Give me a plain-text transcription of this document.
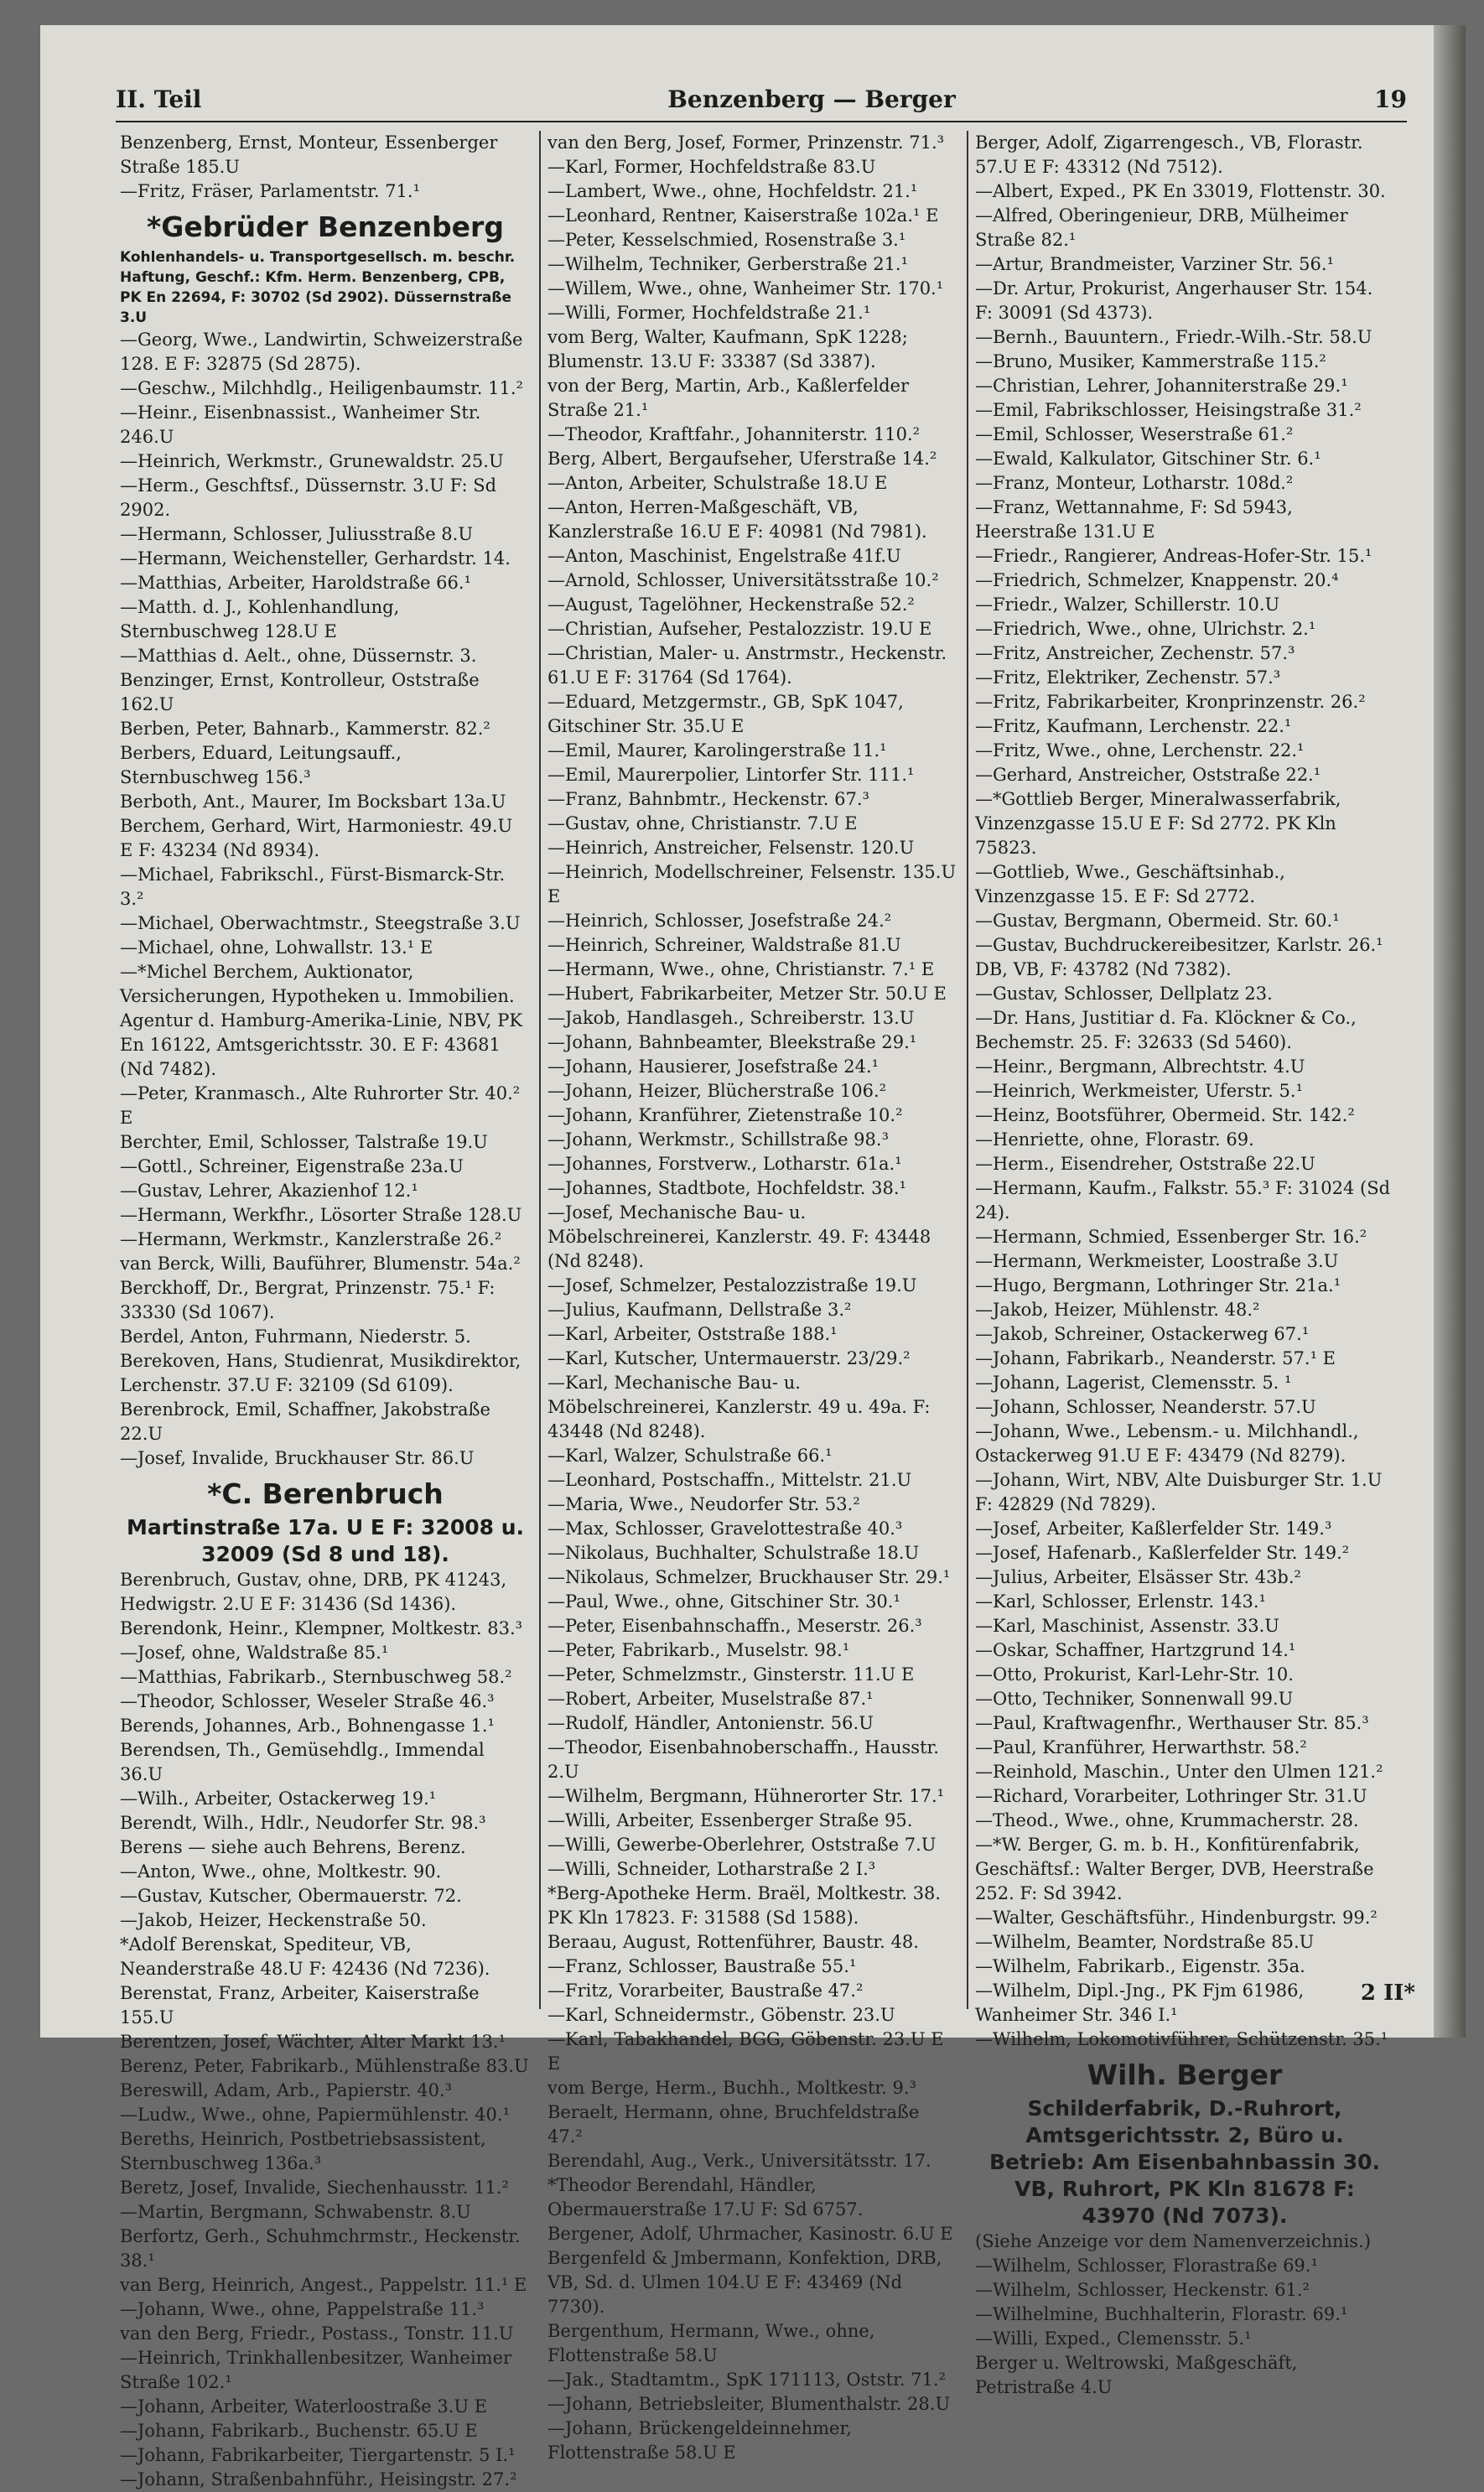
II. Teil	Benzenberg — Berger	19
Benzenberg, Ernst, Monteur, Essenberger Straße 185.U
—Fritz, Fräser, Parlamentstr. 71.¹
*Gebrüder Benzenberg
Kohlenhandels- u. Transportgesellsch. m. beschr. Haftung, Geschf.: Kfm. Herm. Benzenberg, CPB, PK En 22694, F: 30702 (Sd 2902). Düssernstraße 3.U
—Georg, Wwe., Landwirtin, Schweizerstraße 128. E F: 32875 (Sd 2875).
—Geschw., Milchhdlg., Heiligenbaumstr. 11.²
—Heinr., Eisenbnassist., Wanheimer Str. 246.U
—Heinrich, Werkmstr., Grunewaldstr. 25.U
—Herm., Geschftsf., Düssernstr. 3.U F: Sd 2902.
—Hermann, Schlosser, Juliusstraße 8.U
—Hermann, Weichensteller, Gerhardstr. 14.
—Matthias, Arbeiter, Haroldstraße 66.¹
—Matth. d. J., Kohlenhandlung, Sternbuschweg 128.U E
—Matthias d. Aelt., ohne, Düssernstr. 3.
Benzinger, Ernst, Kontrolleur, Oststraße 162.U
Berben, Peter, Bahnarb., Kammerstr. 82.²
Berbers, Eduard, Leitungsauff., Sternbuschweg 156.³
Berboth, Ant., Maurer, Im Bocksbart 13a.U
Berchem, Gerhard, Wirt, Harmoniestr. 49.U E F: 43234 (Nd 8934).
—Michael, Fabrikschl., Fürst-Bismarck-Str. 3.²
—Michael, Oberwachtmstr., Steegstraße 3.U
—Michael, ohne, Lohwallstr. 13.¹ E
—*Michel Berchem, Auktionator, Versicherungen, Hypotheken u. Immobilien. Agentur d. Hamburg-Amerika-Linie, NBV, PK En 16122, Amtsgerichtsstr. 30. E F: 43681 (Nd 7482).
—Peter, Kranmasch., Alte Ruhrorter Str. 40.² E
Berchter, Emil, Schlosser, Talstraße 19.U
—Gottl., Schreiner, Eigenstraße 23a.U
—Gustav, Lehrer, Akazienhof 12.¹
—Hermann, Werkfhr., Lösorter Straße 128.U
—Hermann, Werkmstr., Kanzlerstraße 26.²
van Berck, Willi, Bauführer, Blumenstr. 54a.²
Berckhoff, Dr., Bergrat, Prinzenstr. 75.¹ F: 33330 (Sd 1067).
Berdel, Anton, Fuhrmann, Niederstr. 5.
Berekoven, Hans, Studienrat, Musikdirektor, Lerchenstr. 37.U F: 32109 (Sd 6109).
Berenbrock, Emil, Schaffner, Jakobstraße 22.U
—Josef, Invalide, Bruckhauser Str. 86.U
*C. Berenbruch
Martinstraße 17a. U E F: 32008 u. 32009 (Sd 8 und 18).
Berenbruch, Gustav, ohne, DRB, PK 41243, Hedwigstr. 2.U E F: 31436 (Sd 1436).
Berendonk, Heinr., Klempner, Moltkestr. 83.³
—Josef, ohne, Waldstraße 85.¹
—Matthias, Fabrikarb., Sternbuschweg 58.²
—Theodor, Schlosser, Weseler Straße 46.³
Berends, Johannes, Arb., Bohnengasse 1.¹
Berendsen, Th., Gemüsehdlg., Immendal 36.U
—Wilh., Arbeiter, Ostackerweg 19.¹
Berendt, Wilh., Hdlr., Neudorfer Str. 98.³
Berens — siehe auch Behrens, Berenz.
—Anton, Wwe., ohne, Moltkestr. 90.
—Gustav, Kutscher, Obermauerstr. 72.
—Jakob, Heizer, Heckenstraße 50.
*Adolf Berenskat, Spediteur, VB, Neanderstraße 48.U F: 42436 (Nd 7236).
Berenstat, Franz, Arbeiter, Kaiserstraße 155.U
Berentzen, Josef, Wächter, Alter Markt 13.¹
Berenz, Peter, Fabrikarb., Mühlenstraße 83.U
Bereswill, Adam, Arb., Papierstr. 40.³
—Ludw., Wwe., ohne, Papiermühlenstr. 40.¹
Bereths, Heinrich, Postbetriebsassistent, Sternbuschweg 136a.³
Beretz, Josef, Invalide, Siechenhausstr. 11.²
—Martin, Bergmann, Schwabenstr. 8.U
Berfortz, Gerh., Schuhmchrmstr., Heckenstr. 38.¹
van Berg, Heinrich, Angest., Pappelstr. 11.¹ E
—Johann, Wwe., ohne, Pappelstraße 11.³
van den Berg, Friedr., Postass., Tonstr. 11.U
—Heinrich, Trinkhallenbesitzer, Wanheimer Straße 102.¹
—Johann, Arbeiter, Waterloostraße 3.U E
—Johann, Fabrikarb., Buchenstr. 65.U E
—Johann, Fabrikarbeiter, Tiergartenstr. 5 I.¹
—Johann, Straßenbahnführ., Heisingstr. 27.²
van den Berg, Josef, Former, Prinzenstr. 71.³
—Karl, Former, Hochfeldstraße 83.U
—Lambert, Wwe., ohne, Hochfeldstr. 21.¹
—Leonhard, Rentner, Kaiserstraße 102a.¹ E
—Peter, Kesselschmied, Rosenstraße 3.¹
—Wilhelm, Techniker, Gerberstraße 21.¹
—Willem, Wwe., ohne, Wanheimer Str. 170.¹
—Willi, Former, Hochfeldstraße 21.¹
vom Berg, Walter, Kaufmann, SpK 1228; Blumenstr. 13.U F: 33387 (Sd 3387).
von der Berg, Martin, Arb., Kaßlerfelder Straße 21.¹
—Theodor, Kraftfahr., Johanniterstr. 110.²
Berg, Albert, Bergaufseher, Uferstraße 14.²
—Anton, Arbeiter, Schulstraße 18.U E
—Anton, Herren-Maßgeschäft, VB, Kanzlerstraße 16.U E F: 40981 (Nd 7981).
—Anton, Maschinist, Engelstraße 41f.U
—Arnold, Schlosser, Universitätsstraße 10.²
—August, Tagelöhner, Heckenstraße 52.²
—Christian, Aufseher, Pestalozzistr. 19.U E
—Christian, Maler- u. Anstrmstr., Heckenstr. 61.U E F: 31764 (Sd 1764).
—Eduard, Metzgermstr., GB, SpK 1047, Gitschiner Str. 35.U E
—Emil, Maurer, Karolingerstraße 11.¹
—Emil, Maurerpolier, Lintorfer Str. 111.¹
—Franz, Bahnbmtr., Heckenstr. 67.³
—Gustav, ohne, Christianstr. 7.U E
—Heinrich, Anstreicher, Felsenstr. 120.U
—Heinrich, Modellschreiner, Felsenstr. 135.U E
—Heinrich, Schlosser, Josefstraße 24.²
—Heinrich, Schreiner, Waldstraße 81.U
—Hermann, Wwe., ohne, Christianstr. 7.¹ E
—Hubert, Fabrikarbeiter, Metzer Str. 50.U E
—Jakob, Handlasgeh., Schreiberstr. 13.U
—Johann, Bahnbeamter, Bleekstraße 29.¹
—Johann, Hausierer, Josefstraße 24.¹
—Johann, Heizer, Blücherstraße 106.²
—Johann, Kranführer, Zietenstraße 10.²
—Johann, Werkmstr., Schillstraße 98.³
—Johannes, Forstverw., Lotharstr. 61a.¹
—Johannes, Stadtbote, Hochfeldstr. 38.¹
—Josef, Mechanische Bau- u. Möbelschreinerei, Kanzlerstr. 49. F: 43448 (Nd 8248).
—Josef, Schmelzer, Pestalozzistraße 19.U
—Julius, Kaufmann, Dellstraße 3.²
—Karl, Arbeiter, Oststraße 188.¹
—Karl, Kutscher, Untermauerstr. 23/29.²
—Karl, Mechanische Bau- u. Möbelschreinerei, Kanzlerstr. 49 u. 49a. F: 43448 (Nd 8248).
—Karl, Walzer, Schulstraße 66.¹
—Leonhard, Postschaffn., Mittelstr. 21.U
—Maria, Wwe., Neudorfer Str. 53.²
—Max, Schlosser, Gravelottestraße 40.³
—Nikolaus, Buchhalter, Schulstraße 18.U
—Nikolaus, Schmelzer, Bruckhauser Str. 29.¹
—Paul, Wwe., ohne, Gitschiner Str. 30.¹
—Peter, Eisenbahnschaffn., Meserstr. 26.³
—Peter, Fabrikarb., Muselstr. 98.¹
—Peter, Schmelzmstr., Ginsterstr. 11.U E
—Robert, Arbeiter, Muselstraße 87.¹
—Rudolf, Händler, Antonienstr. 56.U
—Theodor, Eisenbahnoberschaffn., Hausstr. 2.U
—Wilhelm, Bergmann, Hühnerorter Str. 17.¹
—Willi, Arbeiter, Essenberger Straße 95.
—Willi, Gewerbe-Oberlehrer, Oststraße 7.U
—Willi, Schneider, Lotharstraße 2 I.³
*Berg-Apotheke Herm. Braël, Moltkestr. 38. PK Kln 17823. F: 31588 (Sd 1588).
Beraau, August, Rottenführer, Baustr. 48.
—Franz, Schlosser, Baustraße 55.¹
—Fritz, Vorarbeiter, Baustraße 47.²
—Karl, Schneidermstr., Göbenstr. 23.U
—Karl, Tabakhandel, BGG, Göbenstr. 23.U E E
vom Berge, Herm., Buchh., Moltkestr. 9.³
Beraelt, Hermann, ohne, Bruchfeldstraße 47.²
Berendahl, Aug., Verk., Universitätsstr. 17.
*Theodor Berendahl, Händler, Obermauerstraße 17.U F: Sd 6757.
Bergener, Adolf, Uhrmacher, Kasinostr. 6.U E
Bergenfeld & Jmbermann, Konfektion, DRB, VB, Sd. d. Ulmen 104.U E F: 43469 (Nd 7730).
Bergenthum, Hermann, Wwe., ohne, Flottenstraße 58.U
—Jak., Stadtamtm., SpK 171113, Oststr. 71.²
—Johann, Betriebsleiter, Blumenthalstr. 28.U
—Johann, Brückengeldeinnehmer, Flottenstraße 58.U E
Berger, Adolf, Zigarrengesch., VB, Florastr. 57.U E F: 43312 (Nd 7512).
—Albert, Exped., PK En 33019, Flottenstr. 30.
—Alfred, Oberingenieur, DRB, Mülheimer Straße 82.¹
—Artur, Brandmeister, Varziner Str. 56.¹
—Dr. Artur, Prokurist, Angerhauser Str. 154. F: 30091 (Sd 4373).
—Bernh., Bauuntern., Friedr.-Wilh.-Str. 58.U
—Bruno, Musiker, Kammerstraße 115.²
—Christian, Lehrer, Johanniterstraße 29.¹
—Emil, Fabrikschlosser, Heisingstraße 31.²
—Emil, Schlosser, Weserstraße 61.²
—Ewald, Kalkulator, Gitschiner Str. 6.¹
—Franz, Monteur, Lotharstr. 108d.²
—Franz, Wettannahme, F: Sd 5943, Heerstraße 131.U E
—Friedr., Rangierer, Andreas-Hofer-Str. 15.¹
—Friedrich, Schmelzer, Knappenstr. 20.⁴
—Friedr., Walzer, Schillerstr. 10.U
—Friedrich, Wwe., ohne, Ulrichstr. 2.¹
—Fritz, Anstreicher, Zechenstr. 57.³
—Fritz, Elektriker, Zechenstr. 57.³
—Fritz, Fabrikarbeiter, Kronprinzenstr. 26.²
—Fritz, Kaufmann, Lerchenstr. 22.¹
—Fritz, Wwe., ohne, Lerchenstr. 22.¹
—Gerhard, Anstreicher, Oststraße 22.¹
—*Gottlieb Berger, Mineralwasserfabrik, Vinzenzgasse 15.U E F: Sd 2772. PK Kln 75823.
—Gottlieb, Wwe., Geschäftsinhab., Vinzenzgasse 15. E F: Sd 2772.
—Gustav, Bergmann, Obermeid. Str. 60.¹
—Gustav, Buchdruckereibesitzer, Karlstr. 26.¹ DB, VB, F: 43782 (Nd 7382).
—Gustav, Schlosser, Dellplatz 23.
—Dr. Hans, Justitiar d. Fa. Klöckner & Co., Bechemstr. 25. F: 32633 (Sd 5460).
—Heinr., Bergmann, Albrechtstr. 4.U
—Heinrich, Werkmeister, Uferstr. 5.¹
—Heinz, Bootsführer, Obermeid. Str. 142.²
—Henriette, ohne, Florastr. 69.
—Herm., Eisendreher, Oststraße 22.U
—Hermann, Kaufm., Falkstr. 55.³ F: 31024 (Sd 24).
—Hermann, Schmied, Essenberger Str. 16.²
—Hermann, Werkmeister, Loostraße 3.U
—Hugo, Bergmann, Lothringer Str. 21a.¹
—Jakob, Heizer, Mühlenstr. 48.²
—Jakob, Schreiner, Ostackerweg 67.¹
—Johann, Fabrikarb., Neanderstr. 57.¹ E
—Johann, Lagerist, Clemensstr. 5. ¹
—Johann, Schlosser, Neanderstr. 57.U
—Johann, Wwe., Lebensm.- u. Milchhandl., Ostackerweg 91.U E F: 43479 (Nd 8279).
—Johann, Wirt, NBV, Alte Duisburger Str. 1.U F: 42829 (Nd 7829).
—Josef, Arbeiter, Kaßlerfelder Str. 149.³
—Josef, Hafenarb., Kaßlerfelder Str. 149.²
—Julius, Arbeiter, Elsässer Str. 43b.²
—Karl, Schlosser, Erlenstr. 143.¹
—Karl, Maschinist, Assenstr. 33.U
—Oskar, Schaffner, Hartzgrund 14.¹
—Otto, Prokurist, Karl-Lehr-Str. 10.
—Otto, Techniker, Sonnenwall 99.U
—Paul, Kraftwagenfhr., Werthauser Str. 85.³
—Paul, Kranführer, Herwarthstr. 58.²
—Reinhold, Maschin., Unter den Ulmen 121.²
—Richard, Vorarbeiter, Lothringer Str. 31.U
—Theod., Wwe., ohne, Krummacherstr. 28.
—*W. Berger, G. m. b. H., Konfitürenfabrik, Geschäftsf.: Walter Berger, DVB, Heerstraße 252. F: Sd 3942.
—Walter, Geschäftsführ., Hindenburgstr. 99.²
—Wilhelm, Beamter, Nordstraße 85.U
—Wilhelm, Fabrikarb., Eigenstr. 35a.
—Wilhelm, Dipl.-Jng., PK Fjm 61986, Wanheimer Str. 346 I.¹
—Wilhelm, Lokomotivführer, Schützenstr. 35.¹
Wilh. Berger
Schilderfabrik, D.-Ruhrort, Amtsgerichtsstr. 2, Büro u. Betrieb: Am Eisenbahnbassin 30. VB, Ruhrort, PK Kln 81678 F: 43970 (Nd 7073).
(Siehe Anzeige vor dem Namenverzeichnis.)
—Wilhelm, Schlosser, Florastraße 69.¹
—Wilhelm, Schlosser, Heckenstr. 61.²
—Wilhelmine, Buchhalterin, Florastr. 69.¹
—Willi, Exped., Clemensstr. 5.¹
Berger u. Weltrowski, Maßgeschäft, Petristraße 4.U
2 II*
